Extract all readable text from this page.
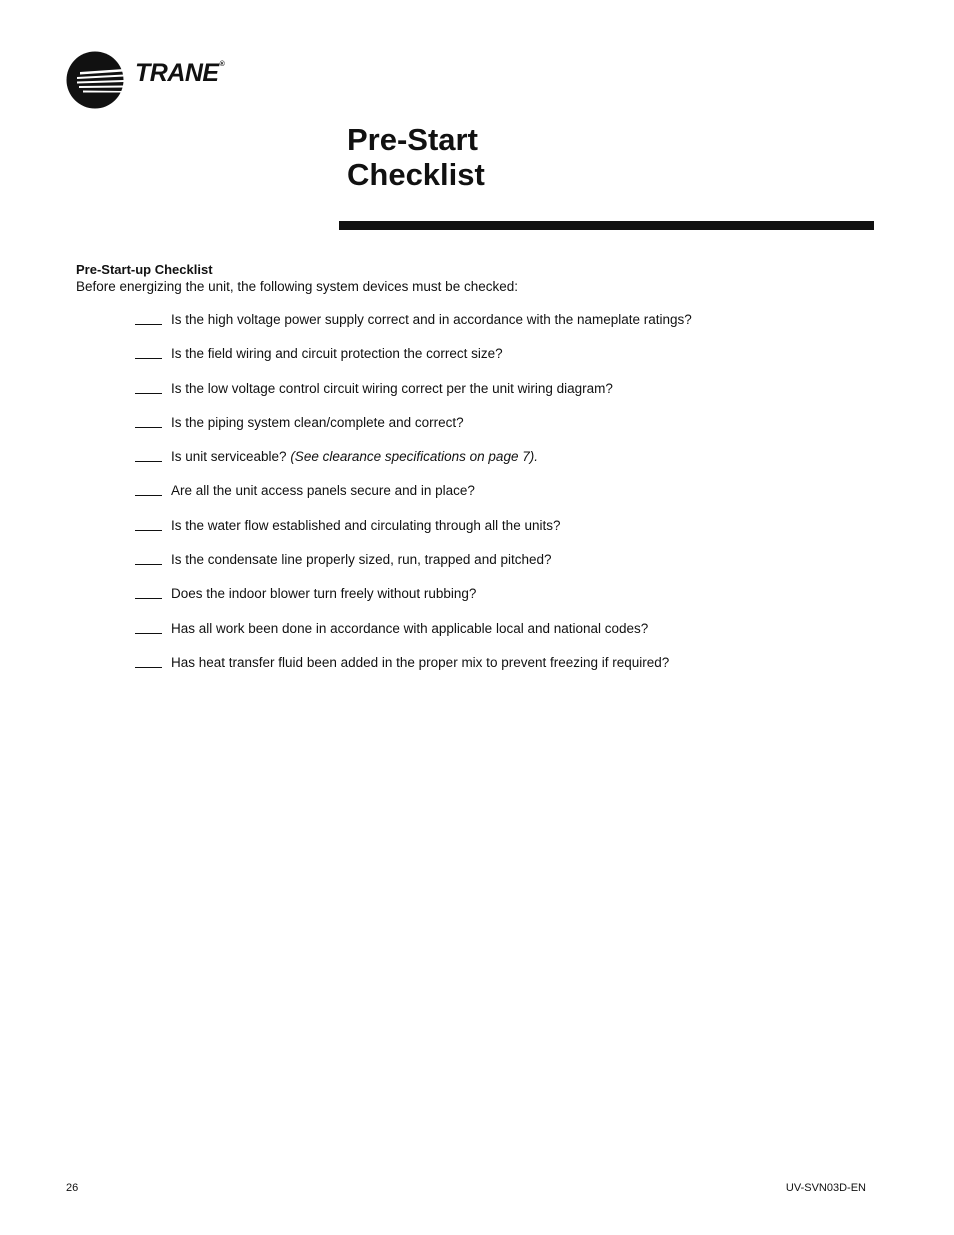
TRANE®
Pre-Start
Checklist
Pre-Start-up Checklist
Before energizing the unit, the following system devices must be checked:
Is the high voltage power supply correct and in accordance with the nameplate ratings?
Is the field wiring and circuit protection the correct size?
Is the low voltage control circuit wiring correct per the unit wiring diagram?
Is the piping system clean/complete and correct?
Is unit serviceable? (See clearance specifications on page 7).
Are all the unit access panels secure and in place?
Is the water flow established and circulating through all the units?
Is the condensate line properly sized, run, trapped and pitched?
Does the indoor blower turn freely without rubbing?
Has all work been done in accordance with applicable local and national codes?
Has heat transfer fluid been added in the proper mix to prevent freezing if required?
26	UV-SVN03D-EN
